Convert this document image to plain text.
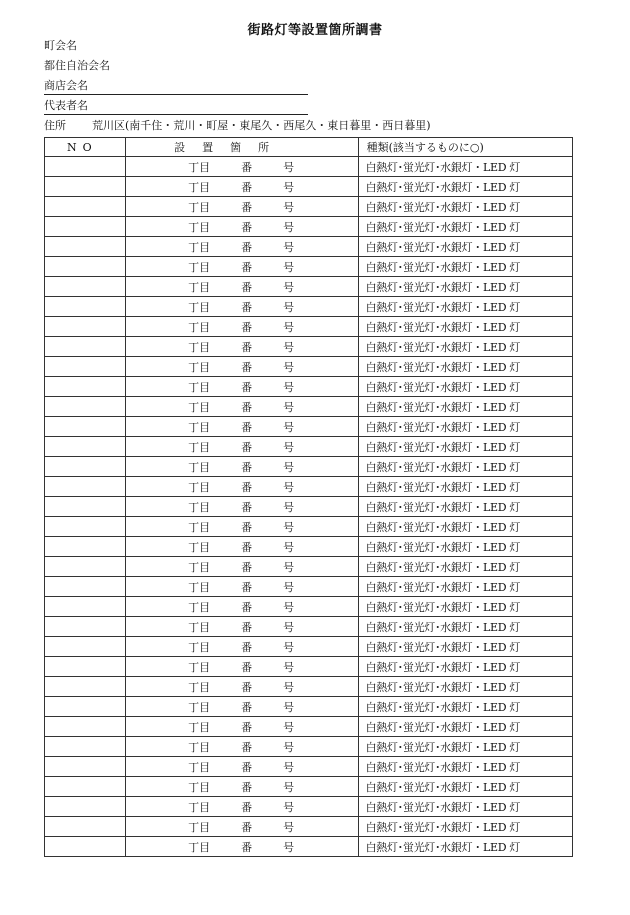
街路灯等設置箇所調書
町会名
都住自治会名
商店会名
代表者名
住所 荒川区(南千住・荒川・町屋・東尾久・西尾久・東日暮里・西日暮里)
NO	設 置 箇 所	種類(該当するものに○)

	丁目 番 号	白熱灯･蛍光灯･水銀灯・LED 灯

	丁目 番 号	白熱灯･蛍光灯･水銀灯・LED 灯

	丁目 番 号	白熱灯･蛍光灯･水銀灯・LED 灯

	丁目 番 号	白熱灯･蛍光灯･水銀灯・LED 灯

	丁目 番 号	白熱灯･蛍光灯･水銀灯・LED 灯

	丁目 番 号	白熱灯･蛍光灯･水銀灯・LED 灯

	丁目 番 号	白熱灯･蛍光灯･水銀灯・LED 灯

	丁目 番 号	白熱灯･蛍光灯･水銀灯・LED 灯

	丁目 番 号	白熱灯･蛍光灯･水銀灯・LED 灯

	丁目 番 号	白熱灯･蛍光灯･水銀灯・LED 灯

	丁目 番 号	白熱灯･蛍光灯･水銀灯・LED 灯

	丁目 番 号	白熱灯･蛍光灯･水銀灯・LED 灯

	丁目 番 号	白熱灯･蛍光灯･水銀灯・LED 灯

	丁目 番 号	白熱灯･蛍光灯･水銀灯・LED 灯

	丁目 番 号	白熱灯･蛍光灯･水銀灯・LED 灯

	丁目 番 号	白熱灯･蛍光灯･水銀灯・LED 灯

	丁目 番 号	白熱灯･蛍光灯･水銀灯・LED 灯

	丁目 番 号	白熱灯･蛍光灯･水銀灯・LED 灯

	丁目 番 号	白熱灯･蛍光灯･水銀灯・LED 灯

	丁目 番 号	白熱灯･蛍光灯･水銀灯・LED 灯

	丁目 番 号	白熱灯･蛍光灯･水銀灯・LED 灯

	丁目 番 号	白熱灯･蛍光灯･水銀灯・LED 灯

	丁目 番 号	白熱灯･蛍光灯･水銀灯・LED 灯

	丁目 番 号	白熱灯･蛍光灯･水銀灯・LED 灯

	丁目 番 号	白熱灯･蛍光灯･水銀灯・LED 灯

	丁目 番 号	白熱灯･蛍光灯･水銀灯・LED 灯

	丁目 番 号	白熱灯･蛍光灯･水銀灯・LED 灯

	丁目 番 号	白熱灯･蛍光灯･水銀灯・LED 灯

	丁目 番 号	白熱灯･蛍光灯･水銀灯・LED 灯

	丁目 番 号	白熱灯･蛍光灯･水銀灯・LED 灯

	丁目 番 号	白熱灯･蛍光灯･水銀灯・LED 灯

	丁目 番 号	白熱灯･蛍光灯･水銀灯・LED 灯

	丁目 番 号	白熱灯･蛍光灯･水銀灯・LED 灯

	丁目 番 号	白熱灯･蛍光灯･水銀灯・LED 灯

	丁目 番 号	白熱灯･蛍光灯･水銀灯・LED 灯
